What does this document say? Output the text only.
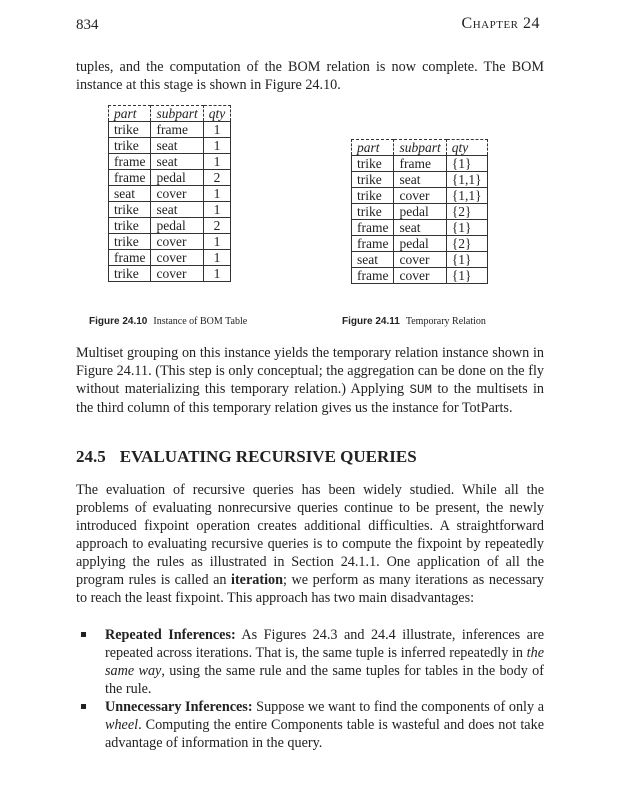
834	Chapter 24
tuples, and the computation of the BOM relation is now complete. The BOM instance at this stage is shown in Figure 24.10.
part	subpart	qty
trike	frame	1
trike	seat	1
frame	seat	1
frame	pedal	2
seat	cover	1
trike	seat	1
trike	pedal	2
trike	cover	1
frame	cover	1
trike	cover	1
part	subpart	qty
trike	frame	{1}
trike	seat	{1,1}
trike	cover	{1,1}
trike	pedal	{2}
frame	seat	{1}
frame	pedal	{2}
seat	cover	{1}
frame	cover	{1}
Figure 24.10 Instance of BOM Table	Figure 24.11 Temporary Relation
Multiset grouping on this instance yields the temporary relation instance shown in Figure 24.11. (This step is only conceptual; the aggregation can be done on the fly without materializing this temporary relation.) Applying SUM to the multisets in the third column of this temporary relation gives us the instance for TotParts.
24.5 EVALUATING RECURSIVE QUERIES
The evaluation of recursive queries has been widely studied. While all the problems of evaluating nonrecursive queries continue to be present, the newly introduced fixpoint operation creates additional difficulties. A straightforward approach to evaluating recursive queries is to compute the fixpoint by repeatedly applying the rules as illustrated in Section 24.1.1. One application of all the program rules is called an iteration; we perform as many iterations as necessary to reach the least fixpoint. This approach has two main disadvantages:
Repeated Inferences: As Figures 24.3 and 24.4 illustrate, inferences are repeated across iterations. That is, the same tuple is inferred repeatedly in the same way, using the same rule and the same tuples for tables in the body of the rule.
Unnecessary Inferences: Suppose we want to find the components of only a wheel. Computing the entire Components table is wasteful and does not take advantage of information in the query.
